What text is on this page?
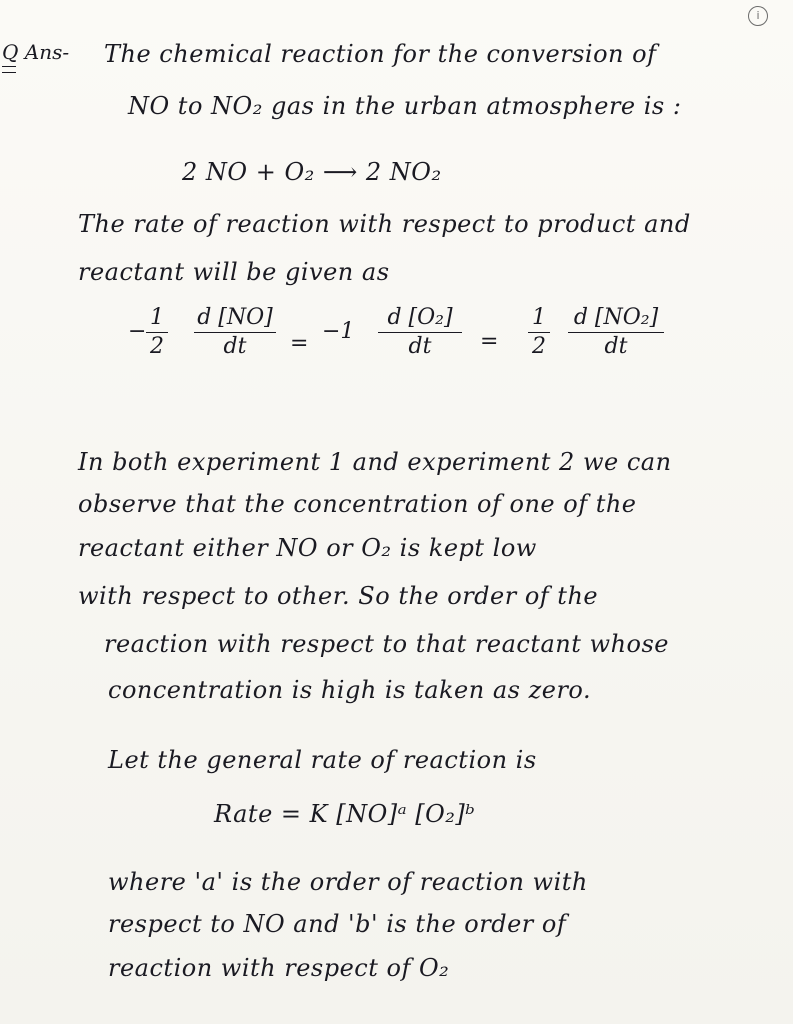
i
Q Ans- The chemical reaction for the conversion of
NO to NO₂ gas in the urban atmosphere is :
2 NO + O₂ ⟶ 2 NO₂
The rate of reaction with respect to product and
reactant will be given as
−
1
2
d [NO]
dt = −1
d [O₂]
dt =
1
2
d [NO₂]
dt
In both experiment 1 and experiment 2 we can
observe that the concentration of one of the
reactant either NO or O₂ is kept low
with respect to other. So the order of the
reaction with respect to that reactant whose
concentration is high is taken as zero.
Let the general rate of reaction is
Rate = K [NO]ᵃ [O₂]ᵇ
where 'a' is the order of reaction with
respect to NO and 'b' is the order of
reaction with respect of O₂
